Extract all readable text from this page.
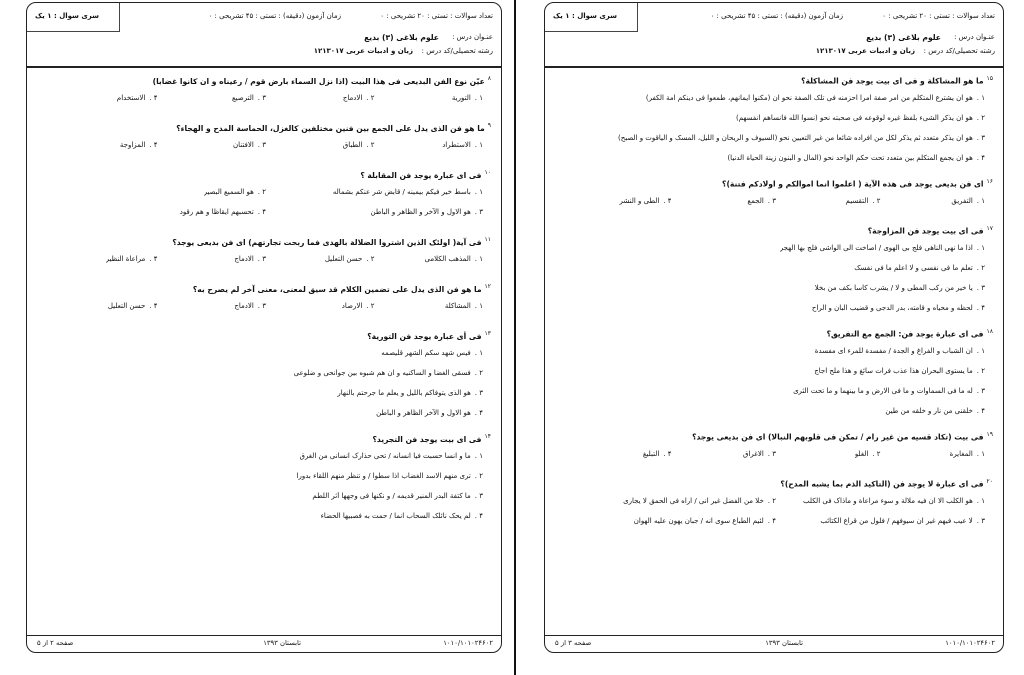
تعداد سوالات : تستی : ۲۰ تشریحی : ۰
زمان آزمون (دقیقه) : تستی : ۴۵ تشریحی : ۰
سری سوال : ۱ یک
عنـوان درس :
علوم بلاغی (۳) بدیع
رشته تحصیلی/کد درس :
زبان و ادبیات عربی ۱۲۱۳۰۱۷
$^۸$عیّن نوع الفن البدیعی فی هذا البیت (اذا نزل السماء بارض قوم / رعیناه و ان کانوا غضابا)
۱ .التوریة
۲ .الادماج
۳ .الترصیع
۴ .الاستخدام
$^۹$ما هو فن الذی یدل علی الجمع بین فنین مختلفین کالغزل، الحماسة المدح و الهجاء؟
۱ .الاستطراد
۲ .الطباق
۳ .الافتنان
۴ .المزاوجة
$^{۱۰}$فی ای عبارة یوجد فن المقابلة ؟
۱ .باسط خیر فیکم بیمینه / قابض شر عنکم بشماله
۲ .هو السمیع البصیر
۳ .هو الاول و الآخر و الظاهر و الباطن
۴ .تحسبهم ایقاظا و هم رقود
$^{۱۱}$فی آیة( اولئک الذین اشتروا الضلالة بالهدی فما ربحت تجارتهم) ای فن بدیعی یوجد؟
۱ .المذهب الکلامی
۲ .حسن التعلیل
۳ .الادماج
۴ .مراعاة النظیر
$^{۱۲}$ما هو فن الذی یدل علی تضمین الکلام قد سیق لمعنی، معنی آخر لم یصرح به؟
۱ .المشاکلة
۲ .الارصاد
۳ .الادماج
۴ .حسن التعلیل
$^{۱۳}$فی أی عبارة یوجد فن التوریة؟
۱ .فیس شهد سکم الشهر قلیصمه
۲ .فسقی الغضا و الساکنیه و ان هم شبوه بین جوانحی و ضلوعی
۳ .هو الذی یتوفاکم باللیل و یعلم ما جرحتم بالنهار
۴ .هو الاول و الآخر الظاهر و الباطن
$^{۱۴}$فی ای بیت یوجد فن التجرید؟
۱ .ما و انسا حسبت فیا انسانه / تحی حذارک انسانی من الغرق
۲ .تری منهم الاسد الغضاب اذا سطوا / و تنظر منهم اللقاء بدورا
۳ .ما کتفة البدر المنیر قدیمه / و نکنها فی وجهها أثر اللطم
۴ .لم یحک نائلک السحاب انما / حمت به فصبیها الحضاء
۱۰۱۰/۱۰۱۰۲۴۶۰۲
تابستان ۱۳۹۳
صفحه ۲ از ۵
تعداد سوالات : تستی : ۲۰ تشریحی : ۰
زمان آزمون (دقیقه) : تستی : ۴۵ تشریحی : ۰
سری سوال : ۱ یک
عنـوان درس :
علوم بلاغی (۳) بدیع
رشته تحصیلی/کد درس :
زبان و ادبیات عربی ۱۲۱۳۰۱۷
$^{۱۵}$ما هو المشاکلة و فی ای بیت یوجد فن المشاکلة؟
۱ .هو ان یشترع المتکلم من امر صفة امرا احزمنه فی تلک الصفة نحو ان (مکنوا ایمانهم، طمعوا فی دینکم امة الکفر)
۲ .هو ان یذکر الشیء بلفظ غیره لوقوعه فی صحبته نحو (نسوا الله فانساهم انفسهم)
۳ .هو ان یذکر متعدد ثم یذکر لکل من افراده شائعا من غیر التعیین نحو (السیوف و الریحان و اللیل، المسک و الیاقوت و الصبح)
۴ .هو ان یجمع المتکلم بین متعدد تحت حکم الواحد نحو (المال و البنون زینة الحیاة الدنیا)
$^{۱۶}$ای فن بدیعی یوجد فی هذه الآیة ( اعلموا انما اموالکم و اولادکم فتنة)؟
۱ .التفریق
۲ .التقسیم
۳ .الجمع
۴ .الطی و النشر
$^{۱۷}$فی ای بیت یوجد فن المزاوجة؟
۱ .اذا ما نهی الناهی فلج بی الهوی / اصاخت الی الواشی فلج بها الهجر
۲ .تعلم ما فی نفسی و لا اعلم ما فی نفسک
۳ .یا خیر من رکب المطی و لا / یشرب کاسا بکف من بخلا
۴ .لحظه و محیاه و قامته، بدر الدجی و قضیب البان و الراح
$^{۱۸}$فی ای عبارة یوجد فن: الجمع مع التفریق؟
۱ .ان الشباب و الفراغ و الجدة / مفسدة للمرء ای مفسدة
۲ .ما یستوی البحران هذا عذب فرات سائغ و هذا ملح اجاج
۳ .له ما فی السماوات و ما فی الارض و ما بینهما و ما تحت الثری
۴ .خلقنی من نار و خلقه من طین
$^{۱۹}$فی بیت (تکاد قسیه من غیر رام / تمکن فی قلوبهم النبالا) ای فن بدیعی یوجد؟
۱ .المغایرة
۲ .الغلو
۳ .الاغراق
۴ .التبلیغ
$^{۲۰}$فی ای عبارة لا یوجد فن (التاکید الذم بما یشبه المدح)؟
۱ .هو الکلب الا ان فیه ملالة و سوء مراعاة و ماذاک فی الکلب
۲ .خلا من الفضل غیر انی / اراه فی الحمق لا یجاری
۳ .لا عیب فیهم غیر ان سیوفهم / فلول من قراع الکتائب
۴ .لئیم الطباع سوی انه / جبان یهون علیه الهوان
۱۰۱۰/۱۰۱۰۲۴۶۰۲
تابستان ۱۳۹۳
صفحه ۳ از ۵
